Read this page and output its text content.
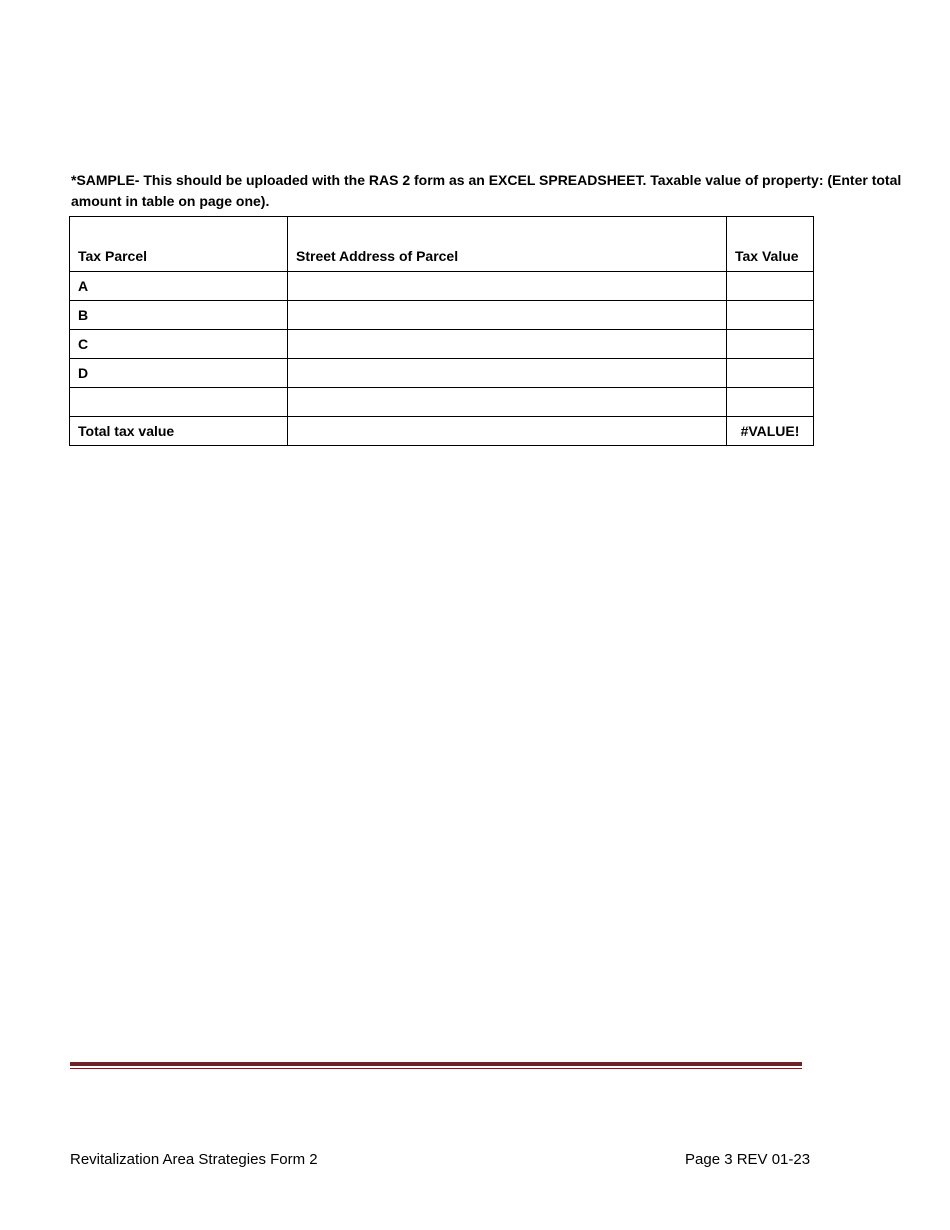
*SAMPLE- This should be uploaded with the RAS 2 form as an EXCEL SPREADSHEET. Taxable value of property: (Enter total amount in table on page one).

Tax Parcel	Street Address of Parcel	Tax Value
A		
B		
C		
D		

Total tax value		#VALUE!
Revitalization Area Strategies Form 2	Page 3 REV 01-23
